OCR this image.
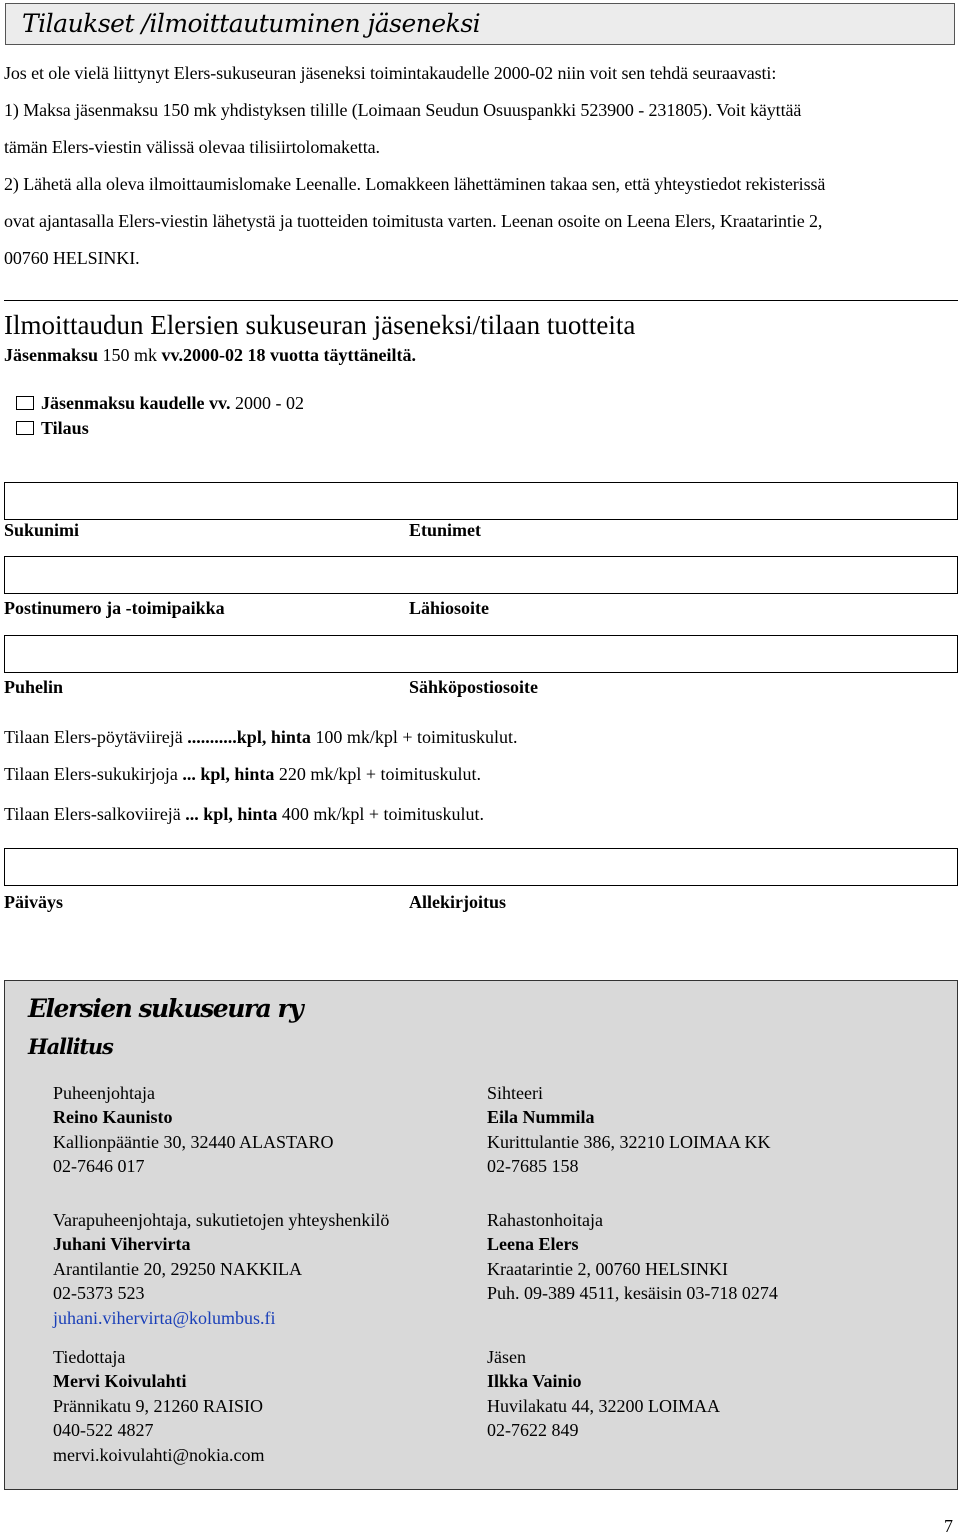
Tilaukset /ilmoittautuminen jäseneksi
Jos et ole vielä liittynyt Elers-sukuseuran jäseneksi toimintakaudelle 2000-02 niin voit sen tehdä seuraavasti:
1) Maksa jäsenmaksu 150 mk yhdistyksen tilille (Loimaan Seudun Osuuspankki 523900 - 231805). Voit käyttää
tämän Elers-viestin välissä olevaa tilisiirtolomaketta.
2) Lähetä alla oleva ilmoittaumislomake Leenalle. Lomakkeen lähettäminen takaa sen, että yhteystiedot rekisterissä
ovat ajantasalla Elers-viestin lähetystä ja tuotteiden toimitusta varten. Leenan osoite on Leena Elers, Kraatarintie 2,
00760 HELSINKI.
Ilmoittaudun Elersien sukuseuran jäseneksi/tilaan tuotteita
Jäsenmaksu 150 mk vv.2000-02 18 vuotta täyttäneiltä.
Jäsenmaksu kaudelle vv. 2000 - 02
Tilaus
Sukunimi	Etunimet
Postinumero ja -toimipaikka	Lähiosoite
Puhelin	Sähköpostiosoite
Tilaan Elers-pöytäviirejä ...........kpl, hinta 100 mk/kpl + toimituskulut.
Tilaan Elers-sukukirjoja ... kpl, hinta 220 mk/kpl + toimituskulut.
Tilaan Elers-salkoviirejä ... kpl, hinta 400 mk/kpl + toimituskulut.
Päiväys	Allekirjoitus
Elersien sukuseura ry
Hallitus
Puheenjohtaja
Reino Kaunisto
Kallionpääntie 30, 32440 ALASTARO
02-7646 017
Sihteeri
Eila Nummila
Kurittulantie 386, 32210 LOIMAA KK
02-7685 158
Varapuheenjohtaja, sukutietojen yhteyshenkilö
Juhani Vihervirta
Arantilantie 20, 29250 NAKKILA
02-5373 523
juhani.vihervirta@kolumbus.fi
Rahastonhoitaja
Leena Elers
Kraatarintie 2, 00760 HELSINKI
Puh. 09-389 4511, kesäisin 03-718 0274
Tiedottaja
Mervi Koivulahti
Prännikatu 9, 21260 RAISIO
040-522 4827
mervi.koivulahti@nokia.com
Jäsen
Ilkka Vainio
Huvilakatu 44, 32200 LOIMAA
02-7622 849
7
